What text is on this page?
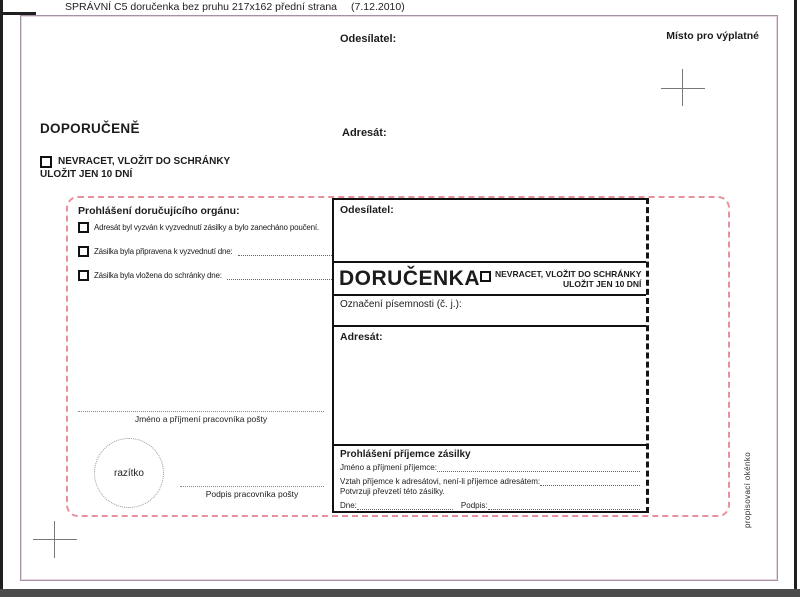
SPRÁVNÍ C5 doručenka bez pruhu 217x162 přední strana (7.12.2010)
Odesílatel:	Místo pro výplatné
DOPORUČENĚ
NEVRACET, VLOŽIT DO SCHRÁNKY
ULOŽIT JEN 10 DNÍ
Adresát:
Prohlášení doručujícího orgánu:
Adresát byl vyzván k vyzvednutí zásilky a bylo zanecháno poučení.
Zásilka byla připravena k vyzvednutí dne:
Zásilka byla vložena do schránky dne:
Jméno a příjmení pracovníka pošty
razítko
Podpis pracovníka pošty
Odesílatel:
DORUČENKA NEVRACET, VLOŽIT DO SCHRÁNKY
ULOŽIT JEN 10 DNÍ
Označení písemnosti (č. j.):
Adresát:
Prohlášení příjemce zásilky
Jméno a příjmení příjemce:
Vztah příjemce k adresátovi, není-li příjemce adresátem:
Potvrzuji převzetí této zásilky.
Dne:	Podpis:	propisovací okénko
